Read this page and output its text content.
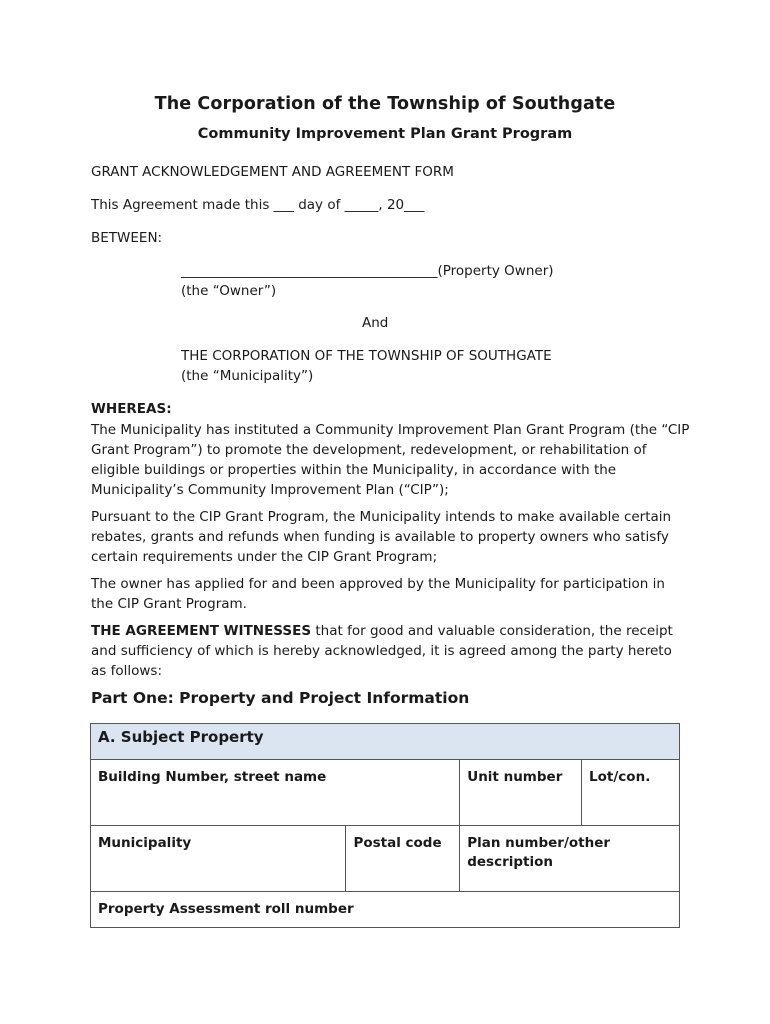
The Corporation of the Township of Southgate
Community Improvement Plan Grant Program
GRANT ACKNOWLEDGEMENT AND AGREEMENT FORM
This Agreement made this ___ day of _____, 20___
BETWEEN:
______________________________________(Property Owner)
(the “Owner”)
And
THE CORPORATION OF THE TOWNSHIP OF SOUTHGATE
(the “Municipality”)
WHEREAS:
The Municipality has instituted a Community Improvement Plan Grant Program (the “CIP Grant Program”) to promote the development, redevelopment, or rehabilitation of eligible buildings or properties within the Municipality, in accordance with the Municipality’s Community Improvement Plan (“CIP”);
Pursuant to the CIP Grant Program, the Municipality intends to make available certain rebates, grants and refunds when funding is available to property owners who satisfy certain requirements under the CIP Grant Program;
The owner has applied for and been approved by the Municipality for participation in the CIP Grant Program.
THE AGREEMENT WITNESSES that for good and valuable consideration, the receipt and sufficiency of which is hereby acknowledged, it is agreed among the party hereto as follows:
Part One: Property and Project Information
A. Subject Property			
Building Number, street name		Unit number	Lot/con.
Municipality	Postal code	Plan number/other description	
Property Assessment roll number			
